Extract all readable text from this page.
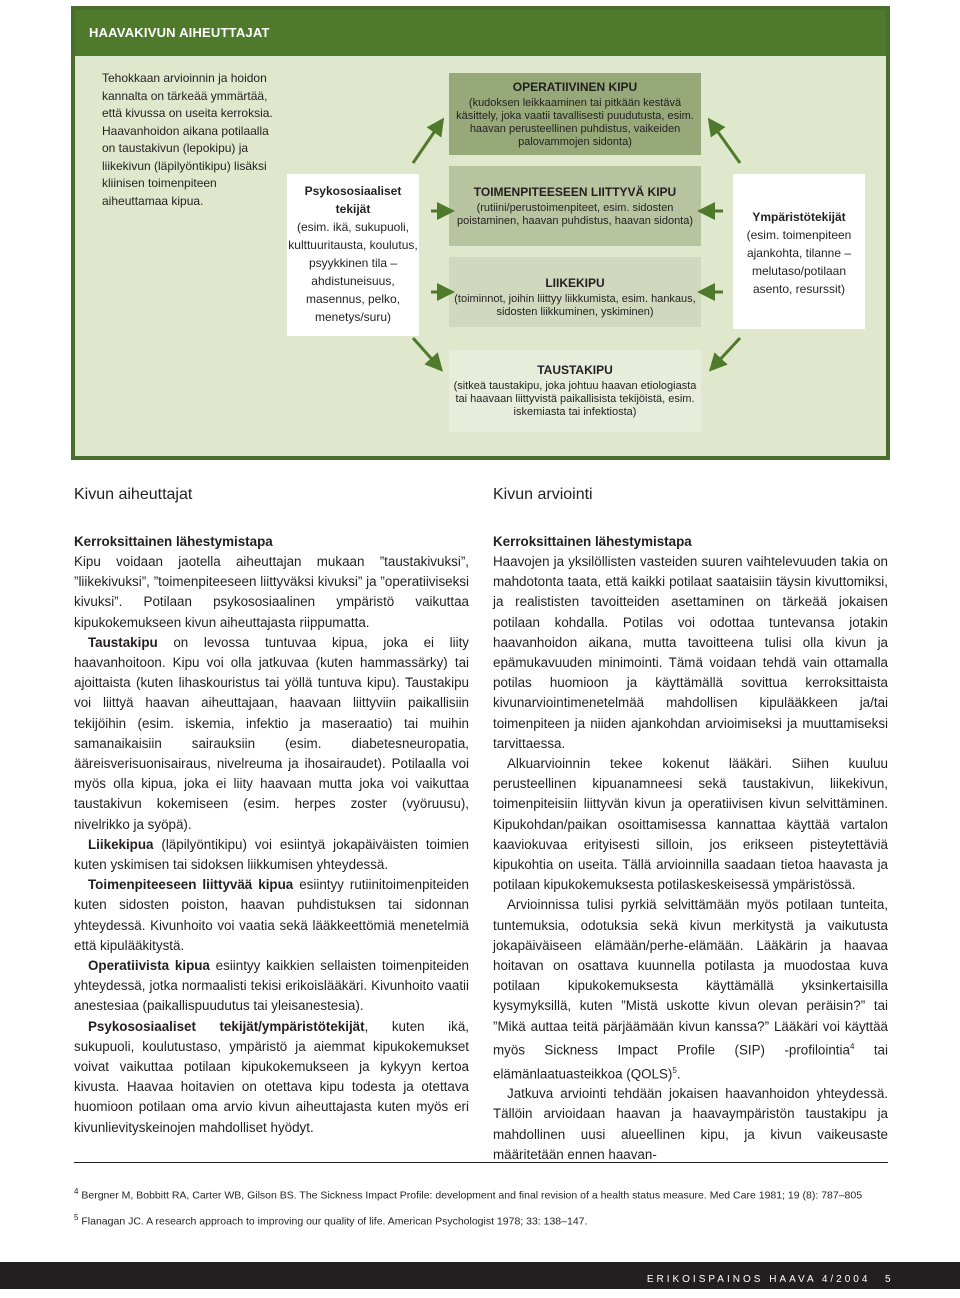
HAAVAKIVUN AIHEUTTAJAT
Tehokkaan arvioinnin ja hoidon kannalta on tärkeää ymmärtää, että kivussa on useita kerroksia. Haavanhoidon aikana potilaalla on taustakivun (lepokipu) ja liikekivun (läpilyöntikipu) lisäksi kliinisen toimenpiteen aiheuttamaa kipua.
Psykososiaaliset tekijät
(esim. ikä, sukupuoli, kulttuuritausta, koulutus, psyykkinen tila – ahdistuneisuus, masennus, pelko, menetys/suru)
Ympäristötekijät
(esim. toimenpiteen ajankohta, tilanne – melutaso/potilaan asento, resurssit)
OPERATIIVINEN KIPU
(kudoksen leikkaaminen tai pitkään kestävä käsittely, joka vaatii tavallisesti puudutusta, esim. haavan perusteellinen puhdistus, vaikeiden palovammojen sidonta)
TOIMENPITEESEEN LIITTYVÄ KIPU
(rutiini/perustoimenpiteet, esim. sidosten poistaminen, haavan puhdistus, haavan sidonta)
LIIKEKIPU
(toiminnot, joihin liittyy liikkumista, esim. hankaus, sidosten liikkuminen, yskiminen)
TAUSTAKIPU
(sitkeä taustakipu, joka johtuu haavan etiologiasta tai haavaan liittyvistä paikallisista tekijöistä, esim. iskemiasta tai infektiosta)
Kivun aiheuttajat
Kerroksittainen lähestymistapa

Kipu voidaan jaotella aiheuttajan mukaan ”taustakivuksi”, ”liikekivuksi”, ”toimenpiteeseen liittyväksi kivuksi” ja ”operatiiviseksi kivuksi”. Potilaan psykososiaalinen ympäristö vaikuttaa kipukokemukseen kivun aiheuttajasta riippumatta.

Taustakipu on levossa tuntuvaa kipua, joka ei liity haavanhoitoon. Kipu voi olla jatkuvaa (kuten hammassärky) tai ajoittaista (kuten lihaskouristus tai yöllä tuntuva kipu). Taustakipu voi liittyä haavan aiheuttajaan, haavaan liittyviin paikallisiin tekijöihin (esim. iskemia, infektio ja maseraatio) tai muihin samanaikaisiin sairauksiin (esim. diabetesneuropatia, ääreisverisuonisairaus, nivelreuma ja ihosairaudet). Potilaalla voi myös olla kipua, joka ei liity haavaan mutta joka voi vaikuttaa taustakivun kokemiseen (esim. herpes zoster (vyöruusu), nivelrikko ja syöpä).

Liikekipua (läpilyöntikipu) voi esiintyä jokapäiväisten toimien kuten yskimisen tai sidoksen liikkumisen yhteydessä.

Toimenpiteeseen liittyvää kipua esiintyy rutiinitoimenpiteiden kuten sidosten poiston, haavan puhdistuksen tai sidonnan yhteydessä. Kivunhoito voi vaatia sekä lääkkeettömiä menetelmiä että kipulääkitystä.

Operatiivista kipua esiintyy kaikkien sellaisten toimenpiteiden yhteydessä, jotka normaalisti tekisi erikoislääkäri. Kivunhoito vaatii anestesiaa (paikallispuudutus tai yleisanestesia).

Psykososiaaliset tekijät/ympäristötekijät, kuten ikä, sukupuoli, koulutustaso, ympäristö ja aiemmat kipukokemukset voivat vaikuttaa potilaan kipukokemukseen ja kykyyn kertoa kivusta. Haavaa hoitavien on otettava kipu todesta ja otettava huomioon potilaan oma arvio kivun aiheuttajasta kuten myös eri kivunlievityskeinojen mahdolliset hyödyt.

Kivun arviointi
Kerroksittainen lähestymistapa

Haavojen ja yksilöllisten vasteiden suuren vaihtelevuuden takia on mahdotonta taata, että kaikki potilaat saataisiin täysin kivuttomiksi, ja realististen tavoitteiden asettaminen on tärkeää jokaisen potilaan kohdalla. Potilas voi odottaa tuntevansa jotakin haavanhoidon aikana, mutta tavoitteena tulisi olla kivun ja epämukavuuden minimointi. Tämä voidaan tehdä vain ottamalla potilas huomioon ja käyttämällä sovittua kerroksittaista kivunarviointimenetelmää mahdollisen kipulääkkeen ja/tai toimenpiteen ja niiden ajankohdan arvioimiseksi ja muuttamiseksi tarvittaessa.

Alkuarvioinnin tekee kokenut lääkäri. Siihen kuuluu perusteellinen kipuanamneesi sekä taustakivun, liikekivun, toimenpiteisiin liittyvän kivun ja operatiivisen kivun selvittäminen. Kipukohdan/paikan osoittamisessa kannattaa käyttää vartalon kaaviokuvaa erityisesti silloin, jos erikseen pisteytettäviä kipukohtia on useita. Tällä arvioinnilla saadaan tietoa haavasta ja potilaan kipukokemuksesta potilaskeskeisessä ympäristössä.

Arvioinnissa tulisi pyrkiä selvittämään myös potilaan tunteita, tuntemuksia, odotuksia sekä kivun merkitystä ja vaikutusta jokapäiväiseen elämään/perhe-elämään. Lääkärin ja haavaa hoitavan on osattava kuunnella potilasta ja muodostaa kuva potilaan kipukokemuksesta käyttämällä yksinkertaisilla kysymyksillä, kuten ”Mistä uskotte kivun olevan peräisin?” tai ”Mikä auttaa teitä pärjäämään kivun kanssa?” Lääkäri voi käyttää myös Sickness Impact Profile (SIP) -profilointia$^4$ tai elämänlaatuasteikkoa (QOLS)$^5$.

Jatkuva arviointi tehdään jokaisen haavanhoidon yhteydessä. Tällöin arvioidaan haavan ja haavaympäristön taustakipu ja mahdollinen uusi alueellinen kipu, ja kivun vaikeusaste määritetään ennen haavan-

$^4$ Bergner M, Bobbitt RA, Carter WB, Gilson BS. The Sickness Impact Profile: development and final revision of a health status measure. Med Care 1981; 19 (8): 787–805

$^5$ Flanagan JC. A research approach to improving our quality of life. American Psychologist 1978; 33: 138–147.

ERIKOISPAINOS HAAVA 4/2004 5
